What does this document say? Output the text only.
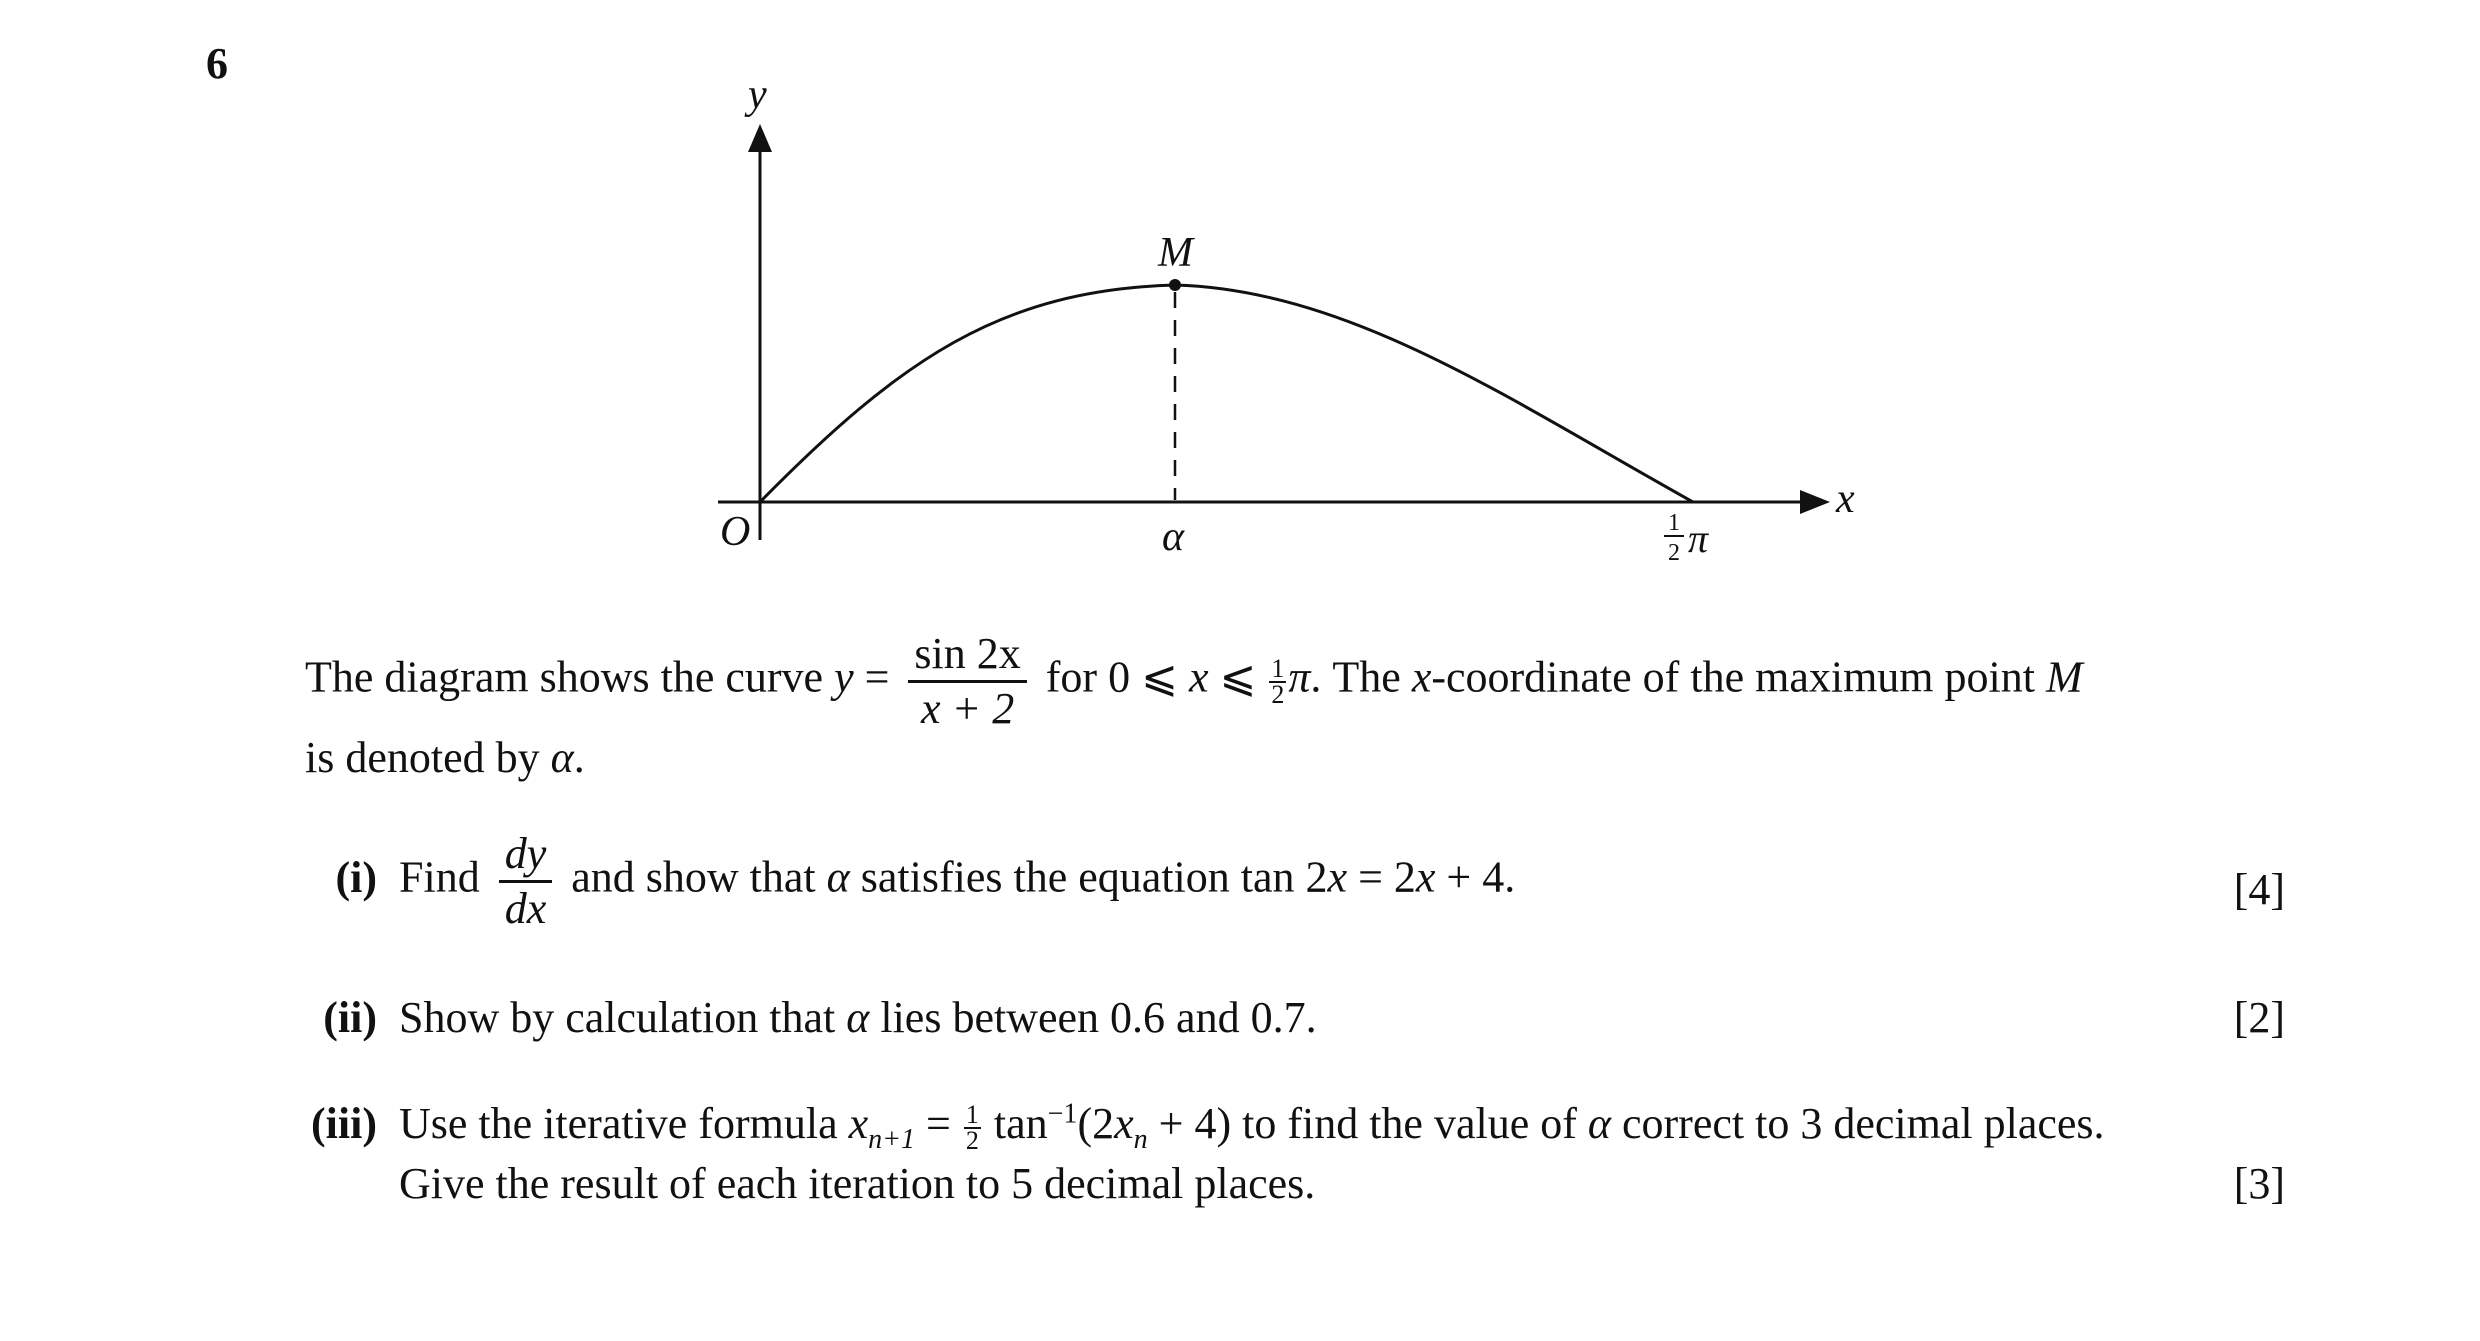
6
y
x
O
M
α	1
2 π
The diagram shows the curve $y = \frac{\sin 2x}{x + 2}$ for 0 ⩽ x ⩽ $\frac{1}{2} \pi$. The x-coordinate of the maximum point M
is denoted by α.
(i) Find $\frac{dy}{dx}$ and show that α satisfies the equation tan 2x = 2x + 4.	[4]
(ii) Show by calculation that α lies between 0.6 and 0.7.	[2]
(iii) Use the iterative formula $x_{n+1} = \frac{1}{2} \tan^{-1}(2x_n + 4)$ to find the value of α correct to 3 decimal places.
Give the result of each iteration to 5 decimal places.	[3]
